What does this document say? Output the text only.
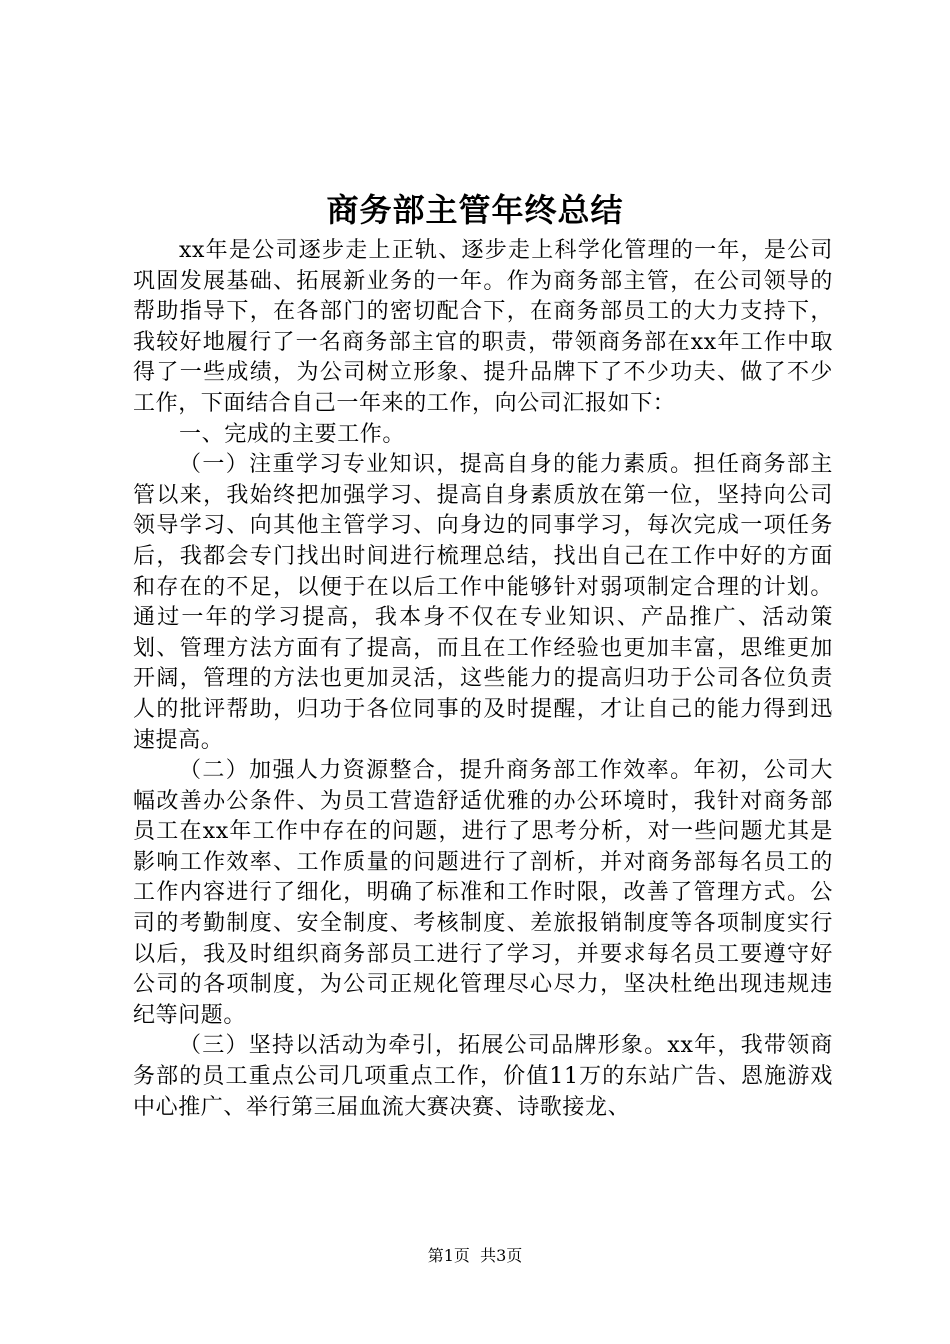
商务部主管年终总结

xx年是公司逐步走上正轨、逐步走上科学化管理的一年，是公司巩固发展基础、拓展新业务的一年。作为商务部主管，在公司领导的帮助指导下，在各部门的密切配合下，在商务部员工的大力支持下，我较好地履行了一名商务部主官的职责，带领商务部在xx年工作中取得了一些成绩，为公司树立形象、提升品牌下了不少功夫、做了不少工作，下面结合自己一年来的工作，向公司汇报如下：

一、完成的主要工作。

（一）注重学习专业知识，提高自身的能力素质。担任商务部主管以来，我始终把加强学习、提高自身素质放在第一位，坚持向公司领导学习、向其他主管学习、向身边的同事学习，每次完成一项任务后，我都会专门找出时间进行梳理总结，找出自己在工作中好的方面和存在的不足，以便于在以后工作中能够针对弱项制定合理的计划。通过一年的学习提高，我本身不仅在专业知识、产品推广、活动策划、管理方法方面有了提高，而且在工作经验也更加丰富，思维更加开阔，管理的方法也更加灵活，这些能力的提高归功于公司各位负责人的批评帮助，归功于各位同事的及时提醒，才让自己的能力得到迅速提高。

（二）加强人力资源整合，提升商务部工作效率。年初，公司大幅改善办公条件、为员工营造舒适优雅的办公环境时，我针对商务部员工在xx年工作中存在的问题，进行了思考分析，对一些问题尤其是影响工作效率、工作质量的问题进行了剖析，并对商务部每名员工的工作内容进行了细化，明确了标准和工作时限，改善了管理方式。公司的考勤制度、安全制度、考核制度、差旅报销制度等各项制度实行以后，我及时组织商务部员工进行了学习，并要求每名员工要遵守好公司的各项制度，为公司正规化管理尽心尽力，坚决杜绝出现违规违纪等问题。

（三）坚持以活动为牵引，拓展公司品牌形象。xx年，我带领商务部的员工重点公司几项重点工作，价值11万的东站广告、恩施游戏中心推广、举行第三届血流大赛决赛、诗歌接龙、

第1页  共3页
